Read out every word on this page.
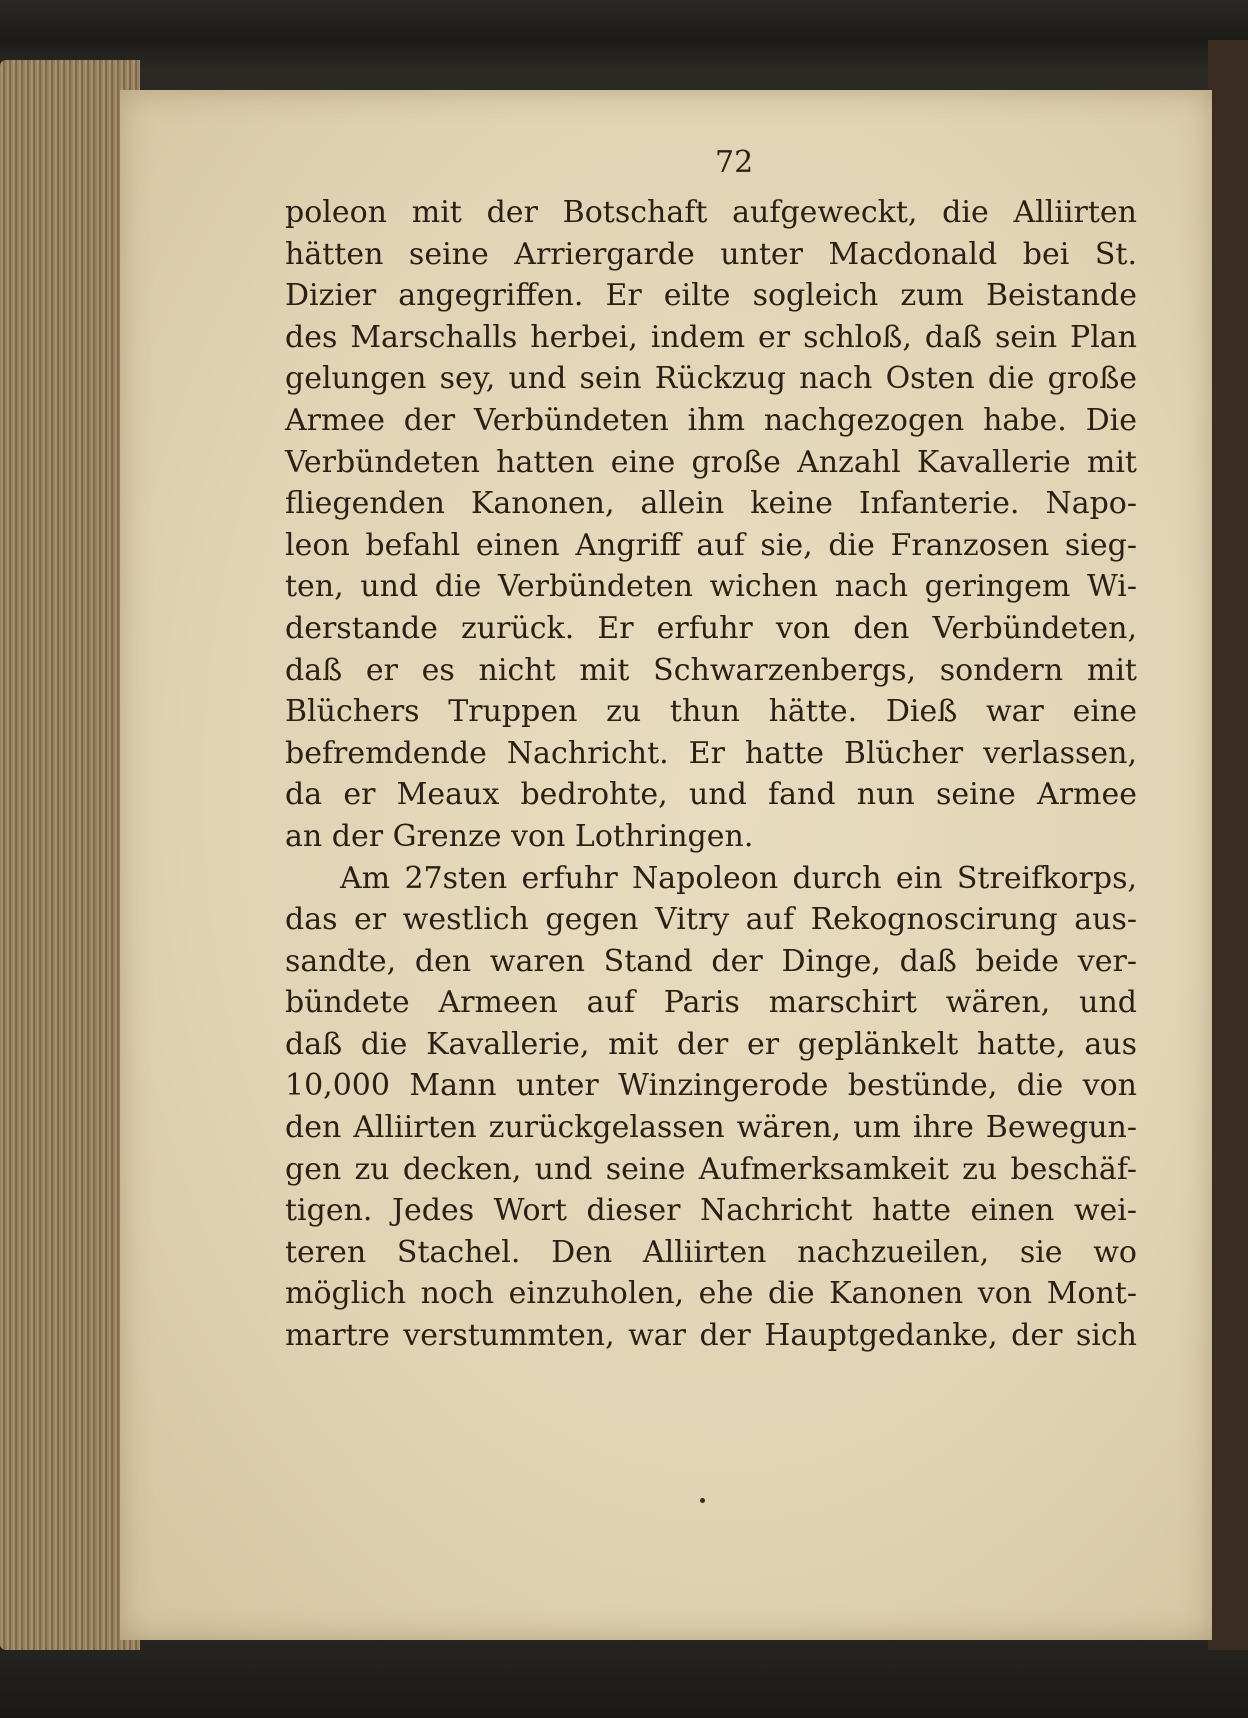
72
poleon mit der Botschaft aufgeweckt, die Alliirten
hätten seine Arriergarde unter Macdonald bei St.
Dizier angegriffen. Er eilte sogleich zum Beistande
des Marschalls herbei, indem er schloß, daß sein Plan
gelungen sey, und sein Rückzug nach Osten die große
Armee der Verbündeten ihm nachgezogen habe. Die
Verbündeten hatten eine große Anzahl Kavallerie mit
fliegenden Kanonen, allein keine Infanterie. Napo-
leon befahl einen Angriff auf sie, die Franzosen sieg-
ten, und die Verbündeten wichen nach geringem Wi-
derstande zurück. Er erfuhr von den Verbündeten,
daß er es nicht mit Schwarzenbergs, sondern mit
Blüchers Truppen zu thun hätte. Dieß war eine
befremdende Nachricht. Er hatte Blücher verlassen,
da er Meaux bedrohte, und fand nun seine Armee
an der Grenze von Lothringen.
Am 27sten erfuhr Napoleon durch ein Streifkorps,
das er westlich gegen Vitry auf Rekognoscirung aus-
sandte, den waren Stand der Dinge, daß beide ver-
bündete Armeen auf Paris marschirt wären, und
daß die Kavallerie, mit der er geplänkelt hatte, aus
10,000 Mann unter Winzingerode bestünde, die von
den Alliirten zurückgelassen wären, um ihre Bewegun-
gen zu decken, und seine Aufmerksamkeit zu beschäf-
tigen. Jedes Wort dieser Nachricht hatte einen wei-
teren Stachel. Den Alliirten nachzueilen, sie wo
möglich noch einzuholen, ehe die Kanonen von Mont-
martre verstummten, war der Hauptgedanke, der sich
